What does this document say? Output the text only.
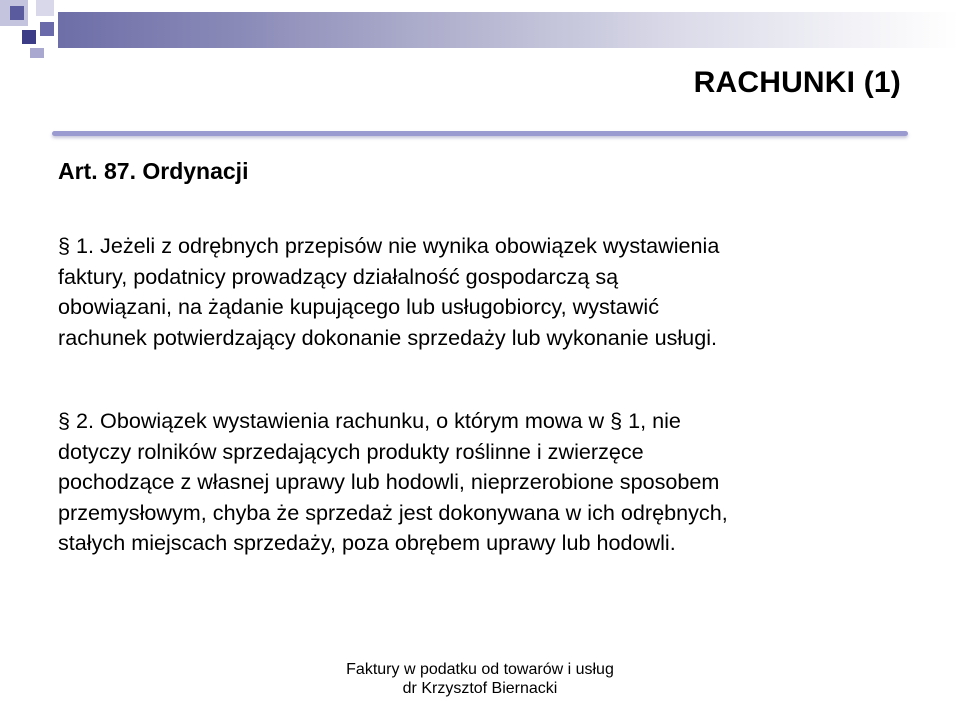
RACHUNKI (1)
Art. 87. Ordynacji
§ 1. Jeżeli z odrębnych przepisów nie wynika obowiązek wystawienia
faktury, podatnicy prowadzący działalność gospodarczą są
obowiązani, na żądanie kupującego lub usługobiorcy, wystawić
rachunek potwierdzający dokonanie sprzedaży lub wykonanie usługi.
§ 2. Obowiązek wystawienia rachunku, o którym mowa w § 1, nie
dotyczy rolników sprzedających produkty roślinne i zwierzęce
pochodzące z własnej uprawy lub hodowli, nieprzerobione sposobem
przemysłowym, chyba że sprzedaż jest dokonywana w ich odrębnych,
stałych miejscach sprzedaży, poza obrębem uprawy lub hodowli.
Faktury w podatku od towarów i usług
dr Krzysztof Biernacki
